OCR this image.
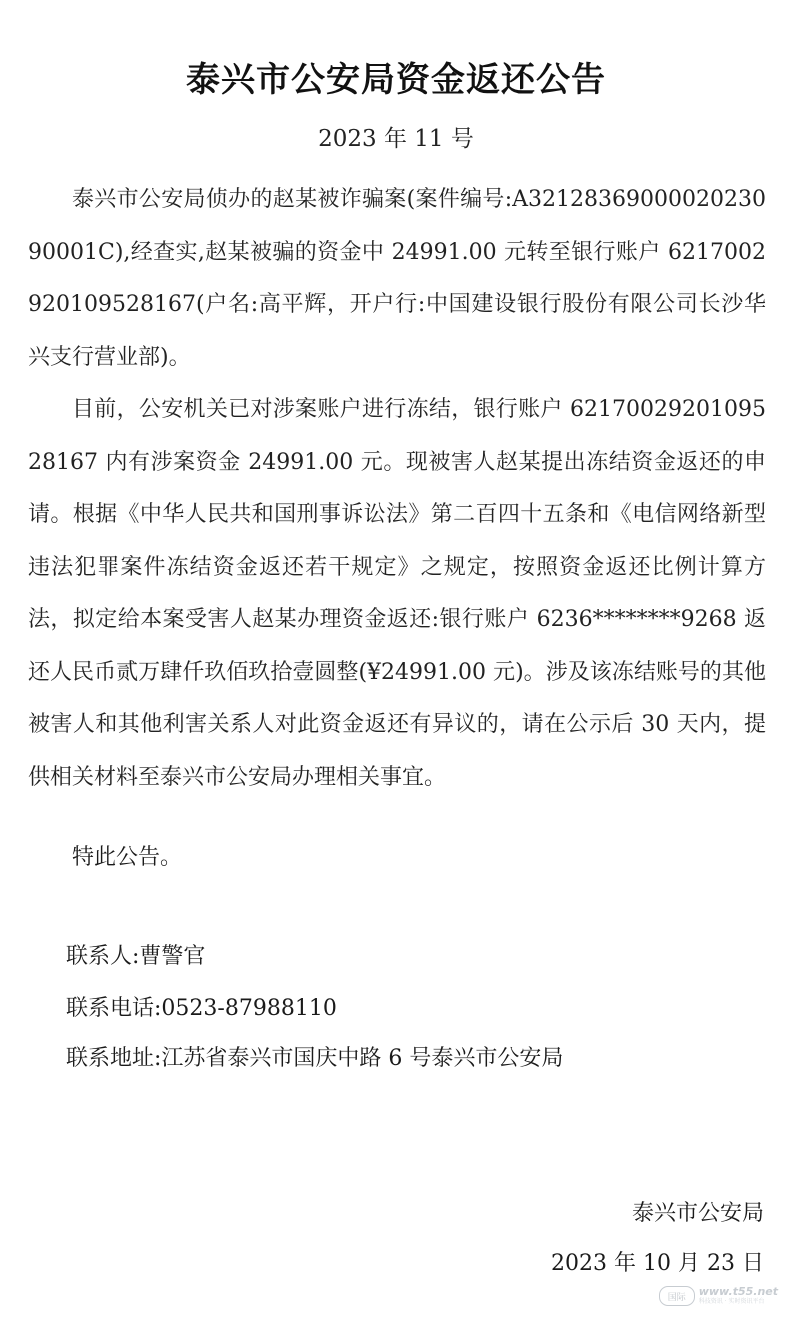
泰兴市公安局资金返还公告
2023 年 11 号

泰兴市公安局侦办的赵某被诈骗案(案件编号:A3212836900002023090001C),经查实,赵某被骗的资金中 24991.00 元转至银行账户 6217002920109528167(户名:高平辉，开户行:中国建设银行股份有限公司长沙华兴支行营业部)。

目前，公安机关已对涉案账户进行冻结，银行账户 6217002920109528167 内有涉案资金 24991.00 元。现被害人赵某提出冻结资金返还的申请。根据《中华人民共和国刑事诉讼法》第二百四十五条和《电信网络新型违法犯罪案件冻结资金返还若干规定》之规定，按照资金返还比例计算方法，拟定给本案受害人赵某办理资金返还:银行账户 6236********9268 返还人民币贰万肆仟玖佰玖拾壹圆整(¥24991.00 元)。涉及该冻结账号的其他被害人和其他利害关系人对此资金返还有异议的，请在公示后 30 天内，提供相关材料至泰兴市公安局办理相关事宜。

特此公告。
联系人:曹警官
联系电话:0523-87988110
联系地址:江苏省泰兴市国庆中路 6 号泰兴市公安局
泰兴市公安局
2023 年 10 月 23 日
国际	www.t55.net
科技资讯 · 实时资讯平台
